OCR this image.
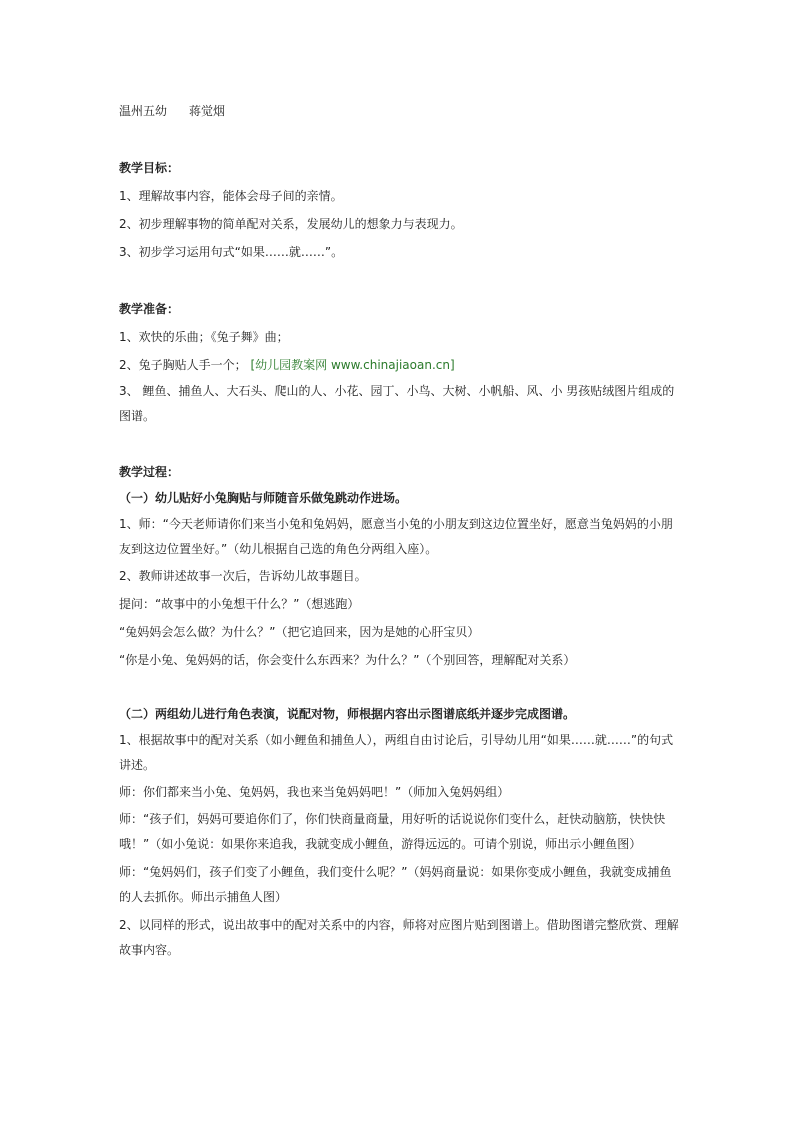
温州五幼 蒋觉烟

教学目标：

1、理解故事内容，能体会母子间的亲情。

2、初步理解事物的简单配对关系，发展幼儿的想象力与表现力。

3、初步学习运用句式“如果……就……”。

教学准备：

1、欢快的乐曲；《兔子舞》曲；

2、兔子胸贴人手一个； [幼儿园教案网 www.chinajiaoan.cn]

3、 鲤鱼、捕鱼人、大石头、爬山的人、小花、园丁、小鸟、大树、小帆船、风、小 男孩贴绒图片组成的图谱。

教学过程：

（一）幼儿贴好小兔胸贴与师随音乐做兔跳动作进场。

1、师：“今天老师请你们来当小兔和兔妈妈，愿意当小兔的小朋友到这边位置坐好，愿意当兔妈妈的小朋友到这边位置坐好。”（幼儿根据自己选的角色分两组入座）。

2、教师讲述故事一次后，告诉幼儿故事题目。

提问：“故事中的小兔想干什么？”（想逃跑）

“兔妈妈会怎么做？为什么？”（把它追回来，因为是她的心肝宝贝）

“你是小兔、兔妈妈的话，你会变什么东西来？为什么？”（个别回答，理解配对关系）

（二）两组幼儿进行角色表演，说配对物，师根据内容出示图谱底纸并逐步完成图谱。

1、根据故事中的配对关系（如小鲤鱼和捕鱼人），两组自由讨论后，引导幼儿用“如果……就……”的句式讲述。

师：你们都来当小兔、兔妈妈，我也来当兔妈妈吧！”（师加入兔妈妈组）

师：“孩子们，妈妈可要追你们了，你们快商量商量，用好听的话说说你们变什么，赶快动脑筋，快快快哦！”（如小兔说：如果你来追我，我就变成小鲤鱼，游得远远的。可请个别说，师出示小鲤鱼图）

师：“兔妈妈们，孩子们变了小鲤鱼，我们变什么呢？”（妈妈商量说：如果你变成小鲤鱼，我就变成捕鱼的人去抓你。师出示捕鱼人图）

2、以同样的形式，说出故事中的配对关系中的内容，师将对应图片贴到图谱上。借助图谱完整欣赏、理解故事内容。
